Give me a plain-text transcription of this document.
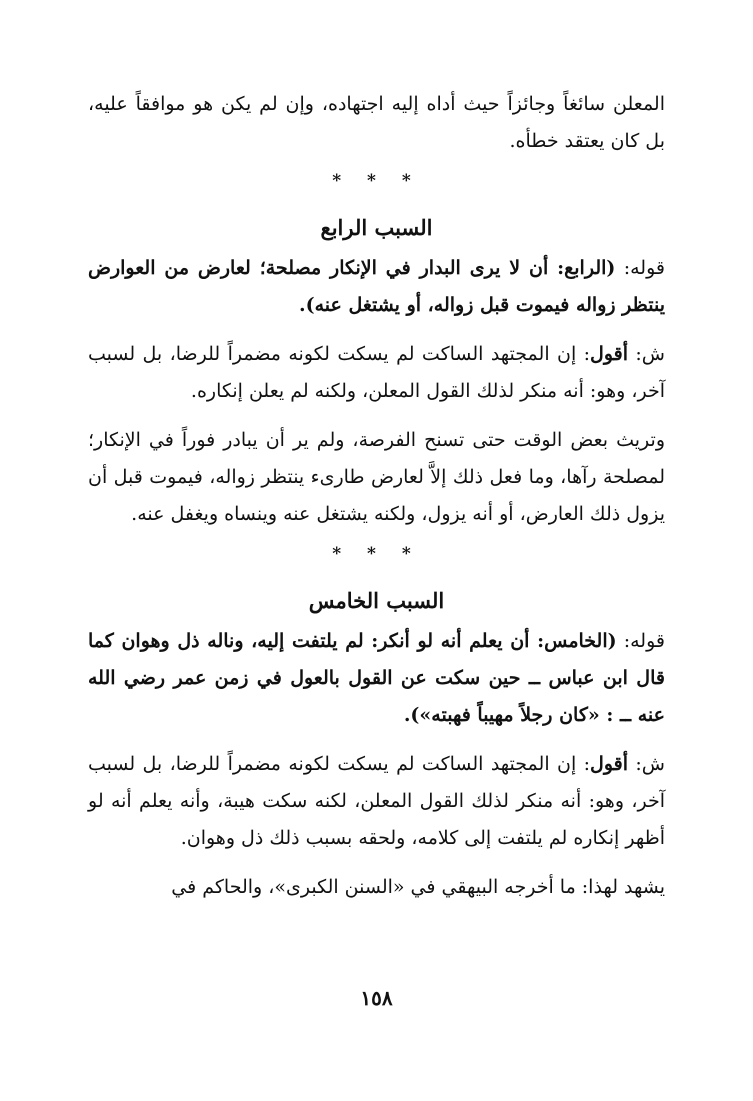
المعلن سائغاً وجائزاً حيث أداه إليه اجتهاده، وإن لم يكن هو موافقاً عليه، بل كان يعتقد خطأه.

* * *
السبب الرابع

قوله: (الرابع: أن لا يرى البدار في الإنكار مصلحة؛ لعارض من العوارض ينتظر زواله فيموت قبل زواله، أو يشتغل عنه).

ش: أقول: إن المجتهد الساكت لم يسكت لكونه مضمراً للرضا، بل لسبب آخر، وهو: أنه منكر لذلك القول المعلن، ولكنه لم يعلن إنكاره.

وتريث بعض الوقت حتى تسنح الفرصة، ولم ير أن يبادر فوراً في الإنكار؛ لمصلحة رآها، وما فعل ذلك إلاَّ لعارض طارىء ينتظر زواله، فيموت قبل أن يزول ذلك العارض، أو أنه يزول، ولكنه يشتغل عنه وينساه ويغفل عنه.

* * *
السبب الخامس

قوله: (الخامس: أن يعلم أنه لو أنكر: لم يلتفت إليه، وناله ذل وهوان كما قال ابن عباس ــ حين سكت عن القول بالعول في زمن عمر رضي الله عنه ــ : «كان رجلاً مهيباً فهبته»).

ش: أقول: إن المجتهد الساكت لم يسكت لكونه مضمراً للرضا، بل لسبب آخر، وهو: أنه منكر لذلك القول المعلن، لكنه سكت هيبة، وأنه يعلم أنه لو أظهر إنكاره لم يلتفت إلى كلامه، ولحقه بسبب ذلك ذل وهوان.

يشهد لهذا: ما أخرجه البيهقي في «السنن الكبرى»، والحاكم في

١٥٨
